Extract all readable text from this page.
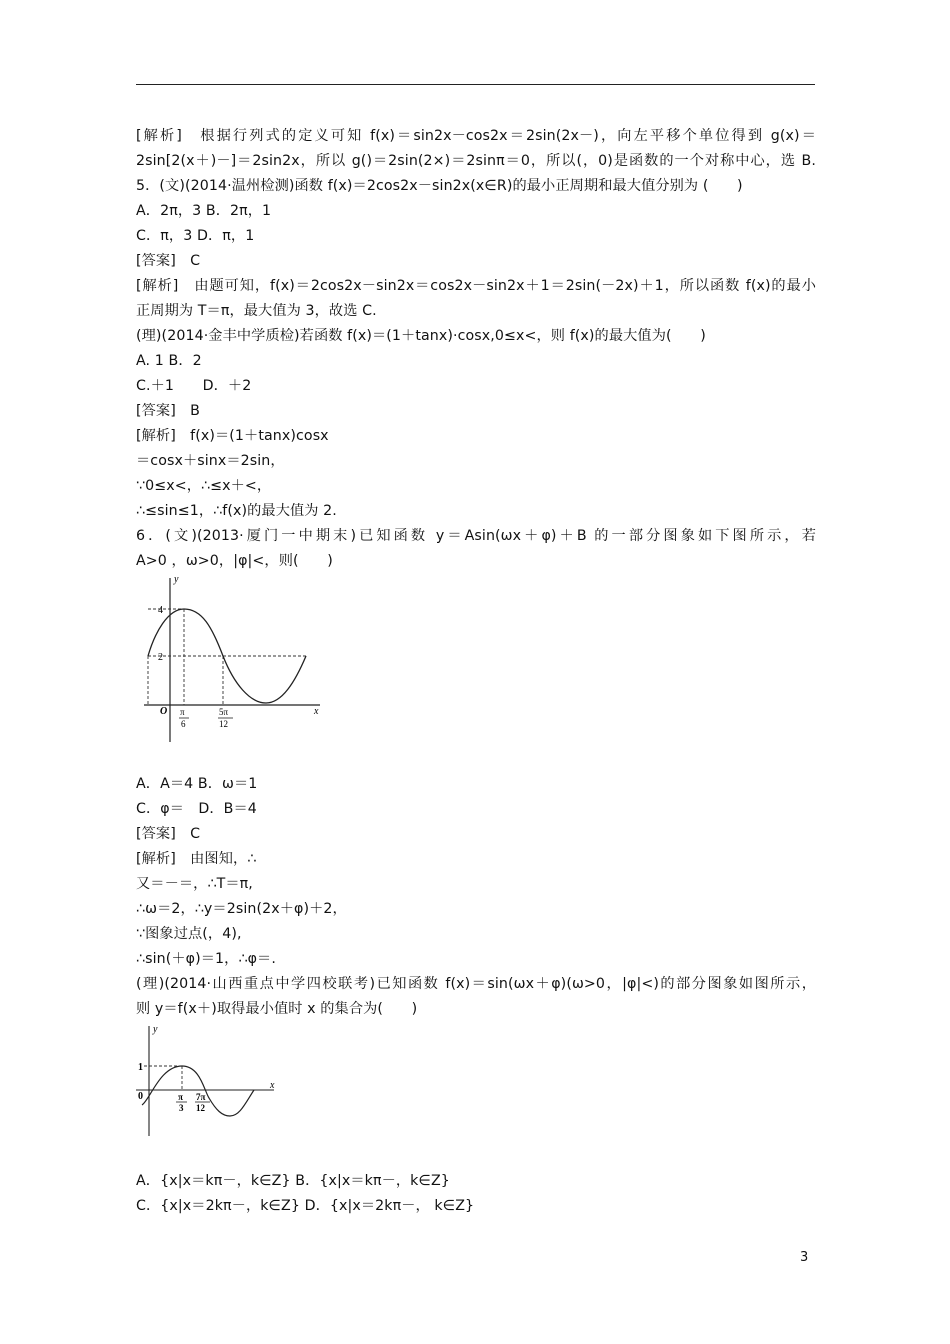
[解析]　根据行列式的定义可知 f(x)＝sin2x－cos2x＝2sin(2x－)，向左平移个单位得到 g(x)＝
2sin[2(x＋)－]＝2sin2x，所以 g()＝2sin(2×)＝2sinπ＝0，所以(，0)是函数的一个对称中心，选 B.
5．(文)(2014·温州检测)函数 f(x)＝2cos2x－sin2x(x∈R)的最小正周期和最大值分别为 (　　)
A．2π，3 B．2π，1
C．π，3 D．π，1
[答案]　C
[解析]　由题可知，f(x)＝2cos2x－sin2x＝cos2x－sin2x＋1＝2sin(－2x)＋1，所以函数 f(x)的最小
正周期为 T＝π，最大值为 3，故选 C.
(理)(2014·金丰中学质检)若函数 f(x)＝(1＋tanx)·cosx,0≤x<，则 f(x)的最大值为(　　)
A. 1 B．2
C.＋1　　D．＋2
[答案]　B
[解析]　f(x)＝(1＋tanx)cosx
＝cosx＋sinx＝2sin，
∵0≤x<，∴≤x＋<，
∴≤sin≤1，∴f(x)的最大值为 2.
6．(文)(2013·厦门一中期末)已知函数 y＝Asin(ωx＋φ)＋B 的一部分图象如下图所示，若
A>0 ，ω>0，|φ|<，则(　　)
y
x
O
4
2
π
6
5π
12
A．A＝4 B．ω＝1
C．φ＝　D．B＝4
[答案]　C
[解析]　由图知，∴
又＝－＝，∴T＝π,
∴ω＝2，∴y＝2sin(2x＋φ)＋2，
∵图象过点(，4),
∴sin(＋φ)＝1，∴φ＝.
(理)(2014·山西重点中学四校联考)已知函数 f(x)＝sin(ωx＋φ)(ω>0，|φ|<)的部分图象如图所示，
则 y＝f(x＋)取得最小值时 x 的集合为(　　)
y
x
0
1
π
3
7π
12
A．{x|x＝kπ－，k∈Z} B．{x|x＝kπ－，k∈Z}
C．{x|x＝2kπ－，k∈Z} D．{x|x＝2kπ－， k∈Z}
3
